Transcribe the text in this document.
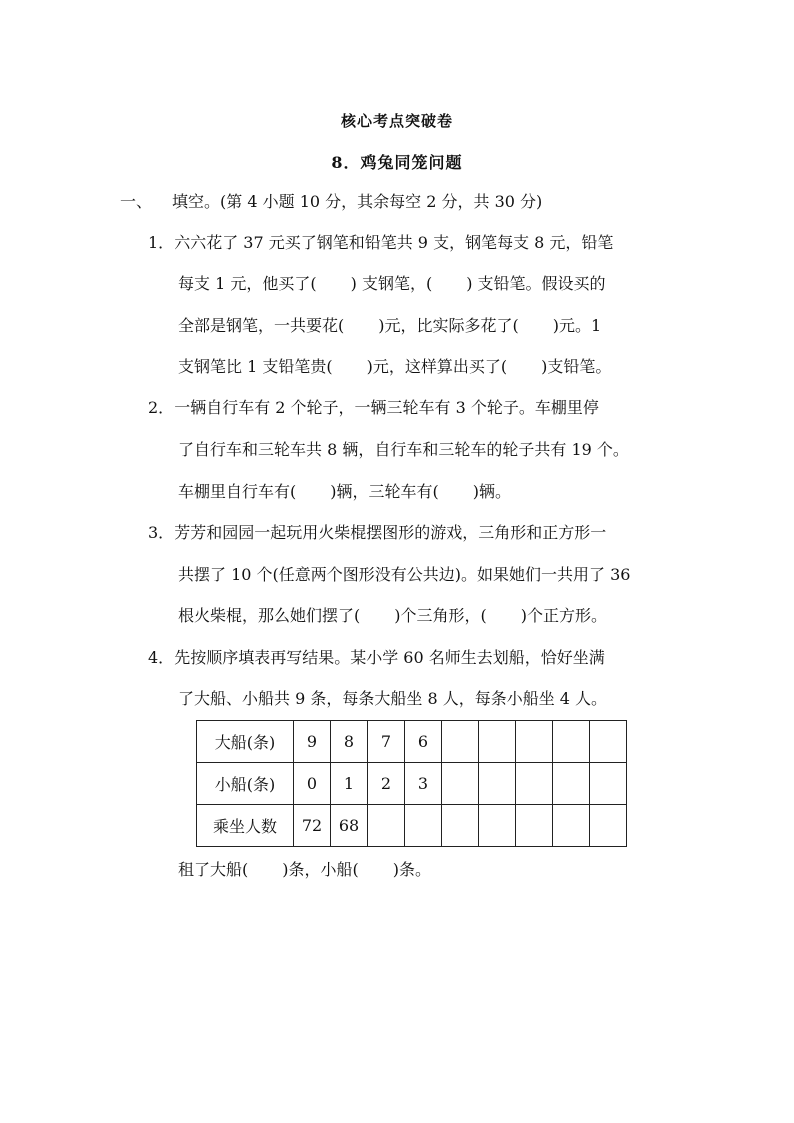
核心考点突破卷
8．鸡兔同笼问题
一、 填空。(第 4 小题 10 分，其余每空 2 分，共 30 分)
1．六六花了 37 元买了钢笔和铅笔共 9 支，钢笔每支 8 元，铅笔
每支 1 元，他买了( ) 支钢笔，( ) 支铅笔。假设买的
全部是钢笔，一共要花( )元，比实际多花了( )元。1
支钢笔比 1 支铅笔贵( )元，这样算出买了( )支铅笔。
2．一辆自行车有 2 个轮子，一辆三轮车有 3 个轮子。车棚里停
了自行车和三轮车共 8 辆，自行车和三轮车的轮子共有 19 个。
车棚里自行车有( )辆，三轮车有( )辆。
3．芳芳和园园一起玩用火柴棍摆图形的游戏，三角形和正方形一
共摆了 10 个(任意两个图形没有公共边)。如果她们一共用了 36
根火柴棍，那么她们摆了( )个三角形，( )个正方形。
4．先按顺序填表再写结果。某小学 60 名师生去划船，恰好坐满
了大船、小船共 9 条，每条大船坐 8 人，每条小船坐 4 人。
大船(条)	9	8	7	6					
小船(条)	0	1	2	3					
乘坐人数	72	68							
租了大船( )条，小船( )条。
